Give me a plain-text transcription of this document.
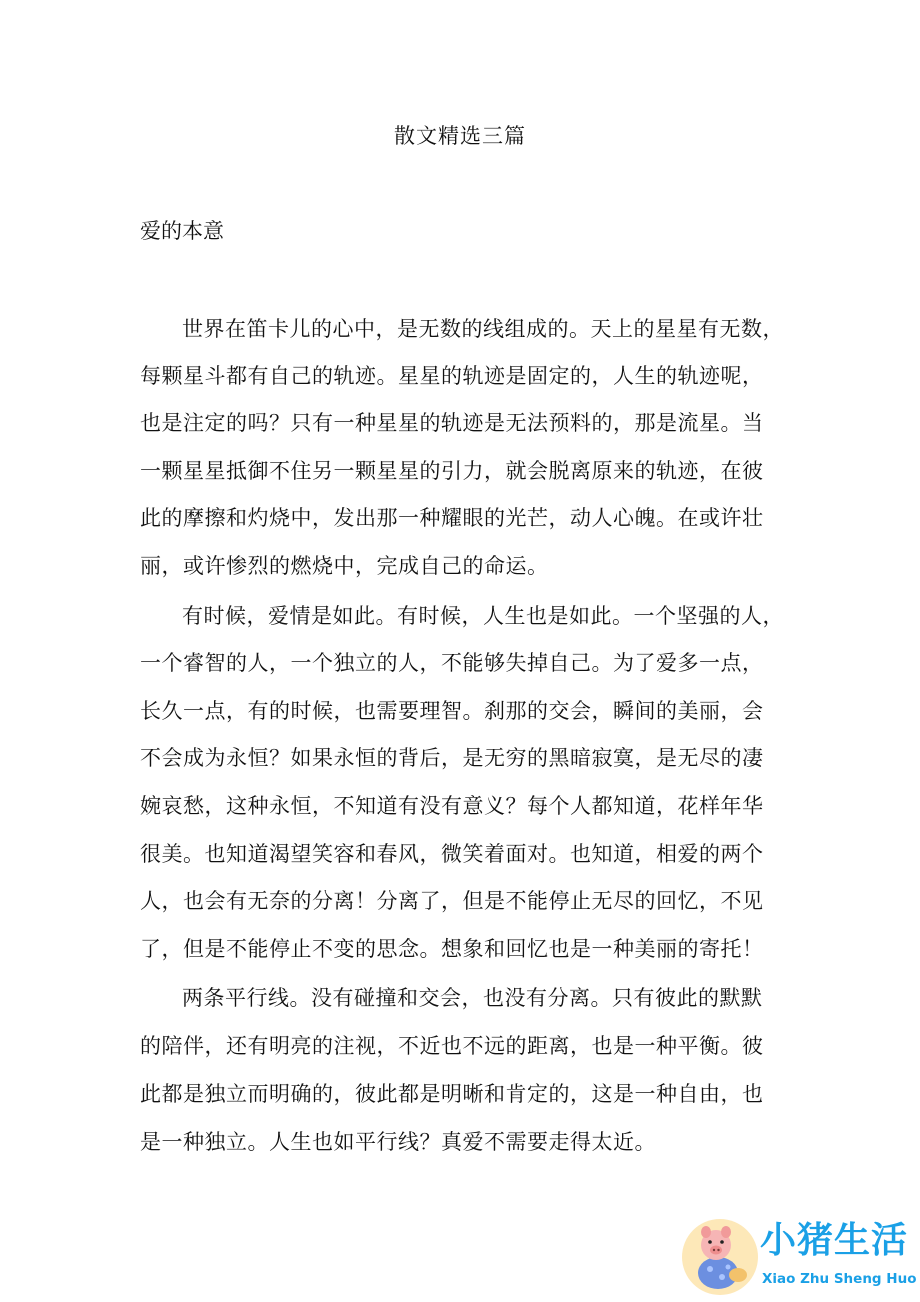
散文精选三篇
爱的本意
世界在笛卡儿的心中，是无数的线组成的。天上的星星有无数，
每颗星斗都有自己的轨迹。星星的轨迹是固定的，人生的轨迹呢，
也是注定的吗？只有一种星星的轨迹是无法预料的，那是流星。当
一颗星星抵御不住另一颗星星的引力，就会脱离原来的轨迹，在彼
此的摩擦和灼烧中，发出那一种耀眼的光芒，动人心魄。在或许壮
丽，或许惨烈的燃烧中，完成自己的命运。
有时候，爱情是如此。有时候，人生也是如此。一个坚强的人，
一个睿智的人，一个独立的人，不能够失掉自己。为了爱多一点，
长久一点，有的时候，也需要理智。刹那的交会，瞬间的美丽，会
不会成为永恒？如果永恒的背后，是无穷的黑暗寂寞，是无尽的凄
婉哀愁，这种永恒，不知道有没有意义？每个人都知道，花样年华
很美。也知道渴望笑容和春风，微笑着面对。也知道，相爱的两个
人，也会有无奈的分离！分离了，但是不能停止无尽的回忆，不见
了，但是不能停止不变的思念。想象和回忆也是一种美丽的寄托！
两条平行线。没有碰撞和交会，也没有分离。只有彼此的默默
的陪伴，还有明亮的注视，不近也不远的距离，也是一种平衡。彼
此都是独立而明确的，彼此都是明晰和肯定的，这是一种自由，也
是一种独立。人生也如平行线？真爱不需要走得太近。
小猪生活
Xiao Zhu Sheng Huo
